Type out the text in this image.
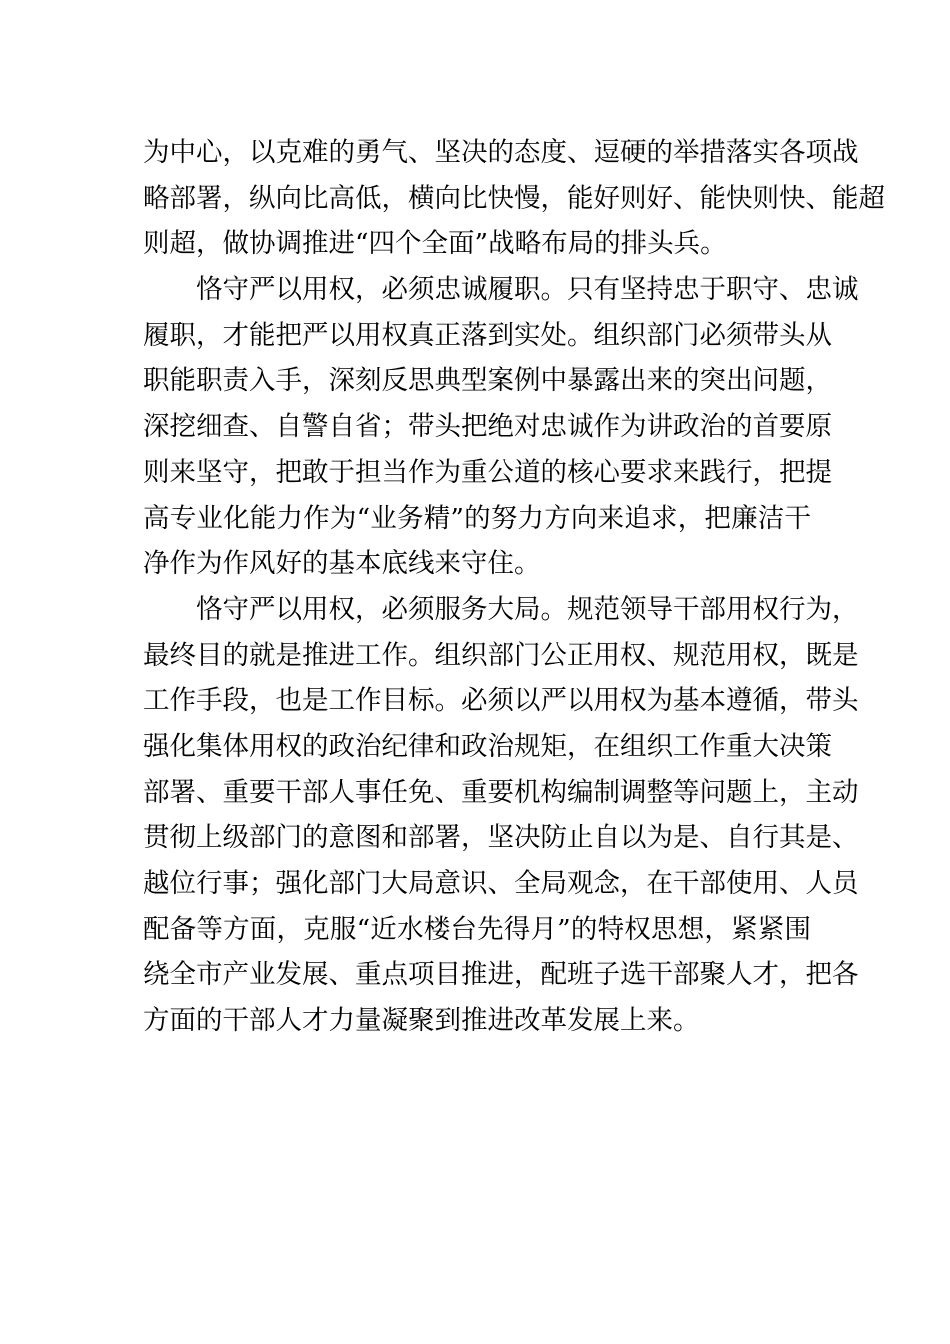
为中心，以克难的勇气、坚决的态度、逗硬的举措落实各项战
略部署，纵向比高低，横向比快慢，能好则好、能快则快、能超
则超，做协调推进“四个全面”战略布局的排头兵。
恪守严以用权，必须忠诚履职。只有坚持忠于职守、忠诚
履职，才能把严以用权真正落到实处。组织部门必须带头从
职能职责入手，深刻反思典型案例中暴露出来的突出问题，
深挖细查、自警自省；带头把绝对忠诚作为讲政治的首要原
则来坚守，把敢于担当作为重公道的核心要求来践行，把提
高专业化能力作为“业务精”的努力方向来追求，把廉洁干
净作为作风好的基本底线来守住。
恪守严以用权，必须服务大局。规范领导干部用权行为，
最终目的就是推进工作。组织部门公正用权、规范用权，既是
工作手段，也是工作目标。必须以严以用权为基本遵循，带头
强化集体用权的政治纪律和政治规矩，在组织工作重大决策
部署、重要干部人事任免、重要机构编制调整等问题上，主动
贯彻上级部门的意图和部署，坚决防止自以为是、自行其是、
越位行事；强化部门大局意识、全局观念，在干部使用、人员
配备等方面，克服“近水楼台先得月”的特权思想，紧紧围
绕全市产业发展、重点项目推进，配班子选干部聚人才，把各
方面的干部人才力量凝聚到推进改革发展上来。
